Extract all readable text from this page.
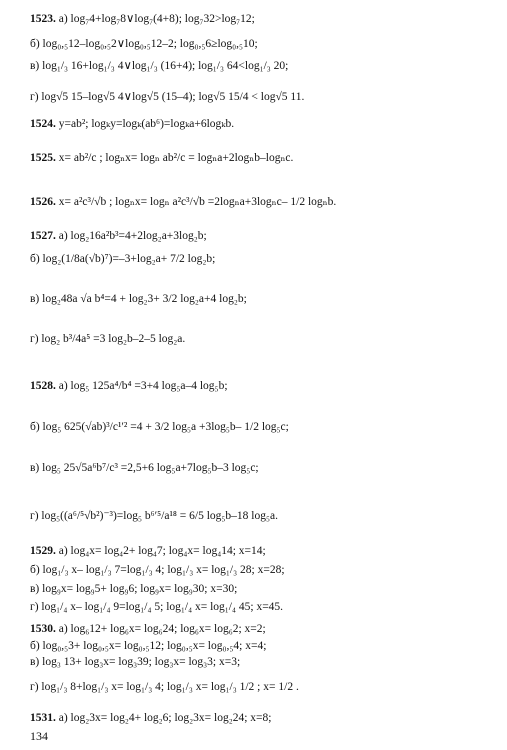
1523. а) log₇4+log₇8∨log₇(4+8); log₇32>log₇12;
б) log₀,₅12–log₀,₅2∨log₀,₅12–2; log₀,₅6≥log₀,₅10;
в) log₁/₃ 16+log₁/₃ 4∨log₁/₃ (16+4); log₁/₃ 64<log₁/₃ 20;
г) log√5 15–log√5 4∨log√5 (15–4); log√5 15/4 < log√5 11.
1524. y=ab²; logₖy=logₖ(ab⁶)=logₖa+6logₖb.
1525. x= ab²/c ; logₙx= logₙ ab²/c = logₙa+2logₙb–logₙc.
1526. x= a²c³/√b ; logₙx= logₙ a²c³/√b =2logₙa+3logₙc– 1/2 logₙb.
1527. а) log₂16a²b³=4+2log₂a+3log₂b;
б) log₂(1/8a(√b)⁷)=–3+log₂a+ 7/2 log₂b;
в) log₂48a √a b⁴=4 + log₂3+ 3/2 log₂a+4 log₂b;
г) log₂ b³/4a⁵ =3 log₂b–2–5 log₂a.
1528. а) log₅ 125a⁴/b⁴ =3+4 log₅a–4 log₅b;
б) log₅ 625(√ab)³/c¹′² =4 + 3/2 log₅a +3log₅b– 1/2 log₅c;
в) log₅ 25√5a⁶b⁷/c³ =2,5+6 log₅a+7log₅b–3 log₅c;
г) log₅((a⁶/⁵√b²)⁻³)=log₅ b⁶′⁵/a¹⁸ = 6/5 log₅b–18 log₅a.
1529. а) log₄x= log₄2+ log₄7; log₄x= log₄14; x=14;
б) log₁/₃ x– log₁/₃ 7=log₁/₃ 4; log₁/₃ x= log₁/₃ 28; x=28;
в) log₉x= log₉5+ log₉6; log₉x= log₉30; x=30;
г) log₁/₄ x– log₁/₄ 9=log₁/₄ 5; log₁/₄ x= log₁/₄ 45; x=45.
1530. а) log₆12+ log₆x= log₆24; log₆x= log₆2; x=2;
б) log₀,₅3+ log₀,₅x= log₀,₅12; log₀,₅x= log₀,₅4; x=4;
в) log₃ 13+ log₃x= log₃39; log₃x= log₃3; x=3;
г) log₁/₃ 8+log₁/₃ x= log₁/₃ 4; log₁/₃ x= log₁/₃ 1/2 ; x= 1/2 .
1531. а) log₂3x= log₂4+ log₂6; log₂3x= log₂24; x=8;
134
